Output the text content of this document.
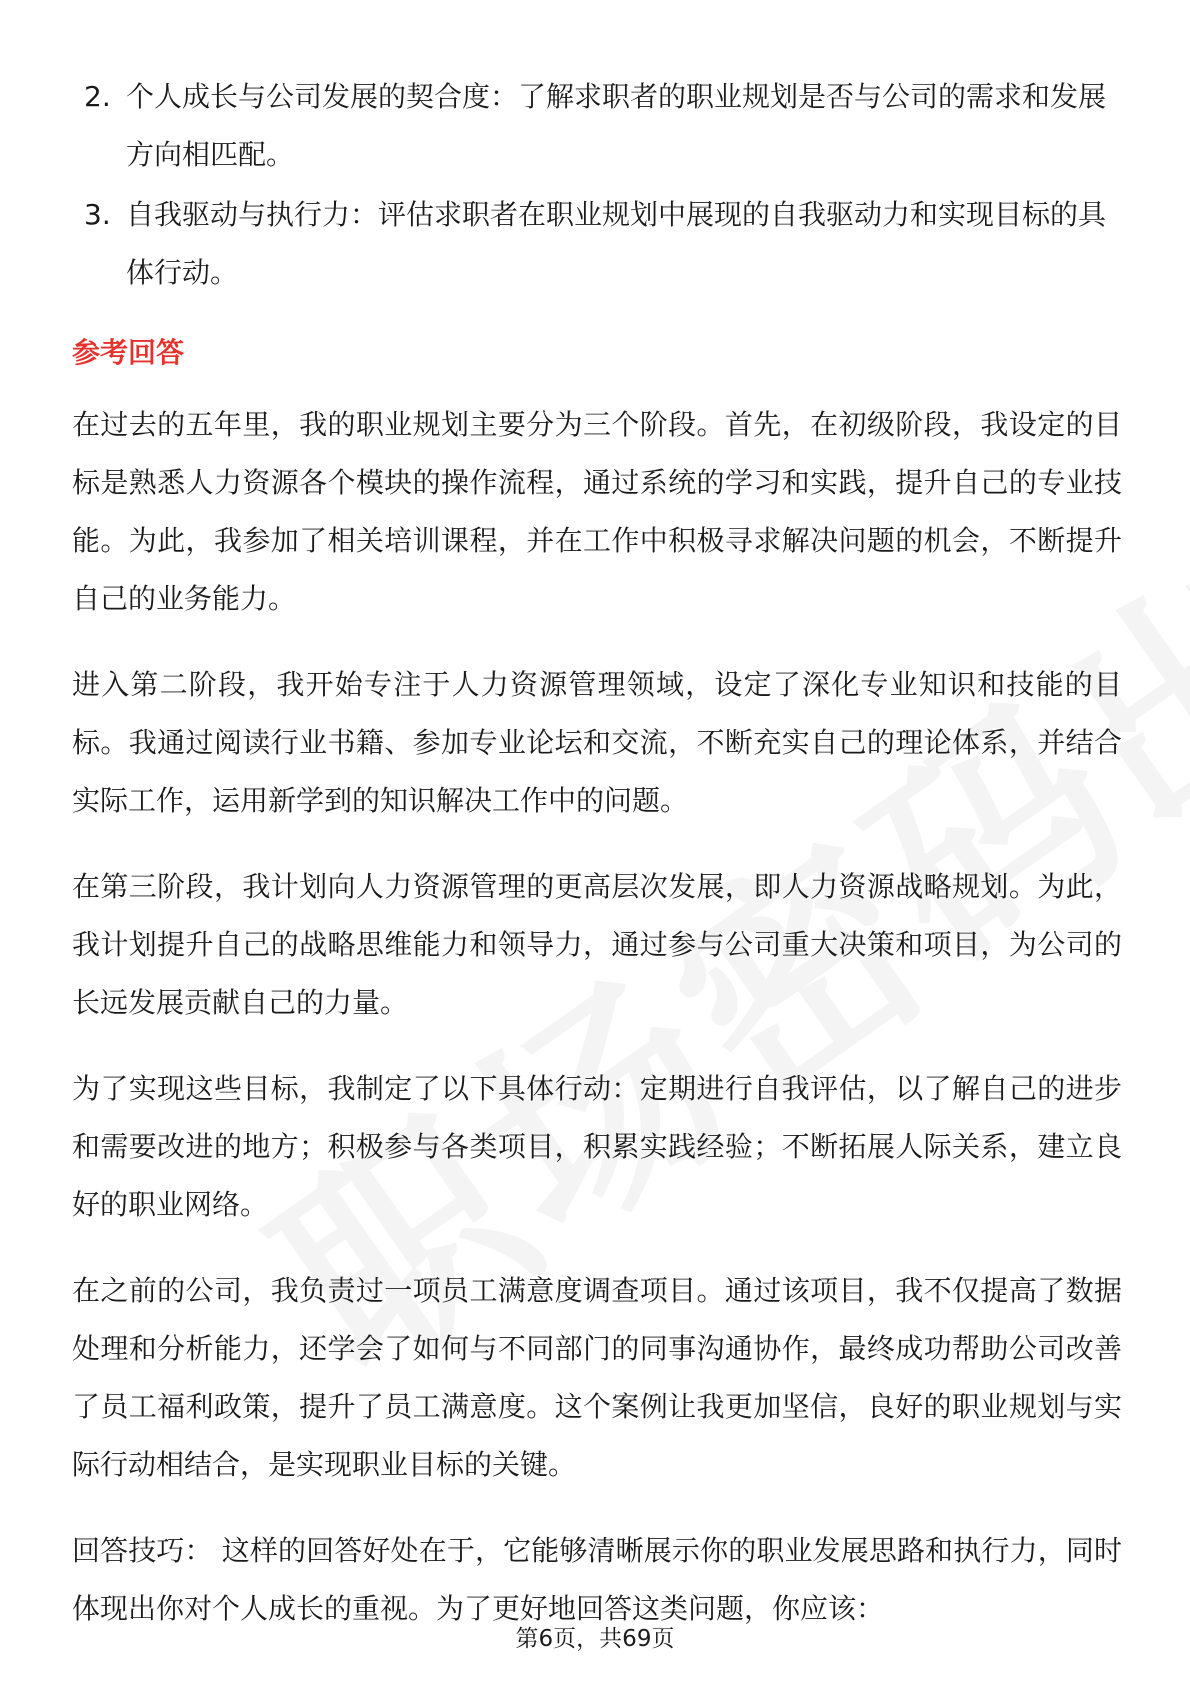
2. 个人成长与公司发展的契合度：了解求职者的职业规划是否与公司的需求和发展方向相匹配。
3. 自我驱动与执行力：评估求职者在职业规划中展现的自我驱动力和实现目标的具体行动。
参考回答

在过去的五年里，我的职业规划主要分为三个阶段。首先，在初级阶段，我设定的目标是熟悉人力资源各个模块的操作流程，通过系统的学习和实践，提升自己的专业技能。为此，我参加了相关培训课程，并在工作中积极寻求解决问题的机会，不断提升自己的业务能力。

进入第二阶段，我开始专注于人力资源管理领域，设定了深化专业知识和技能的目标。我通过阅读行业书籍、参加专业论坛和交流，不断充实自己的理论体系，并结合实际工作，运用新学到的知识解决工作中的问题。

在第三阶段，我计划向人力资源管理的更高层次发展，即人力资源战略规划。为此，我计划提升自己的战略思维能力和领导力，通过参与公司重大决策和项目，为公司的长远发展贡献自己的力量。

为了实现这些目标，我制定了以下具体行动：定期进行自我评估，以了解自己的进步和需要改进的地方；积极参与各类项目，积累实践经验；不断拓展人际关系，建立良好的职业网络。

在之前的公司，我负责过一项员工满意度调查项目。通过该项目，我不仅提高了数据处理和分析能力，还学会了如何与不同部门的同事沟通协作，最终成功帮助公司改善了员工福利政策，提升了员工满意度。这个案例让我更加坚信，良好的职业规划与实际行动相结合，是实现职业目标的关键。

回答技巧： 这样的回答好处在于，它能够清晰展示你的职业发展思路和执行力，同时体现出你对个人成长的重视。为了更好地回答这类问题，你应该：

第6页，共69页
